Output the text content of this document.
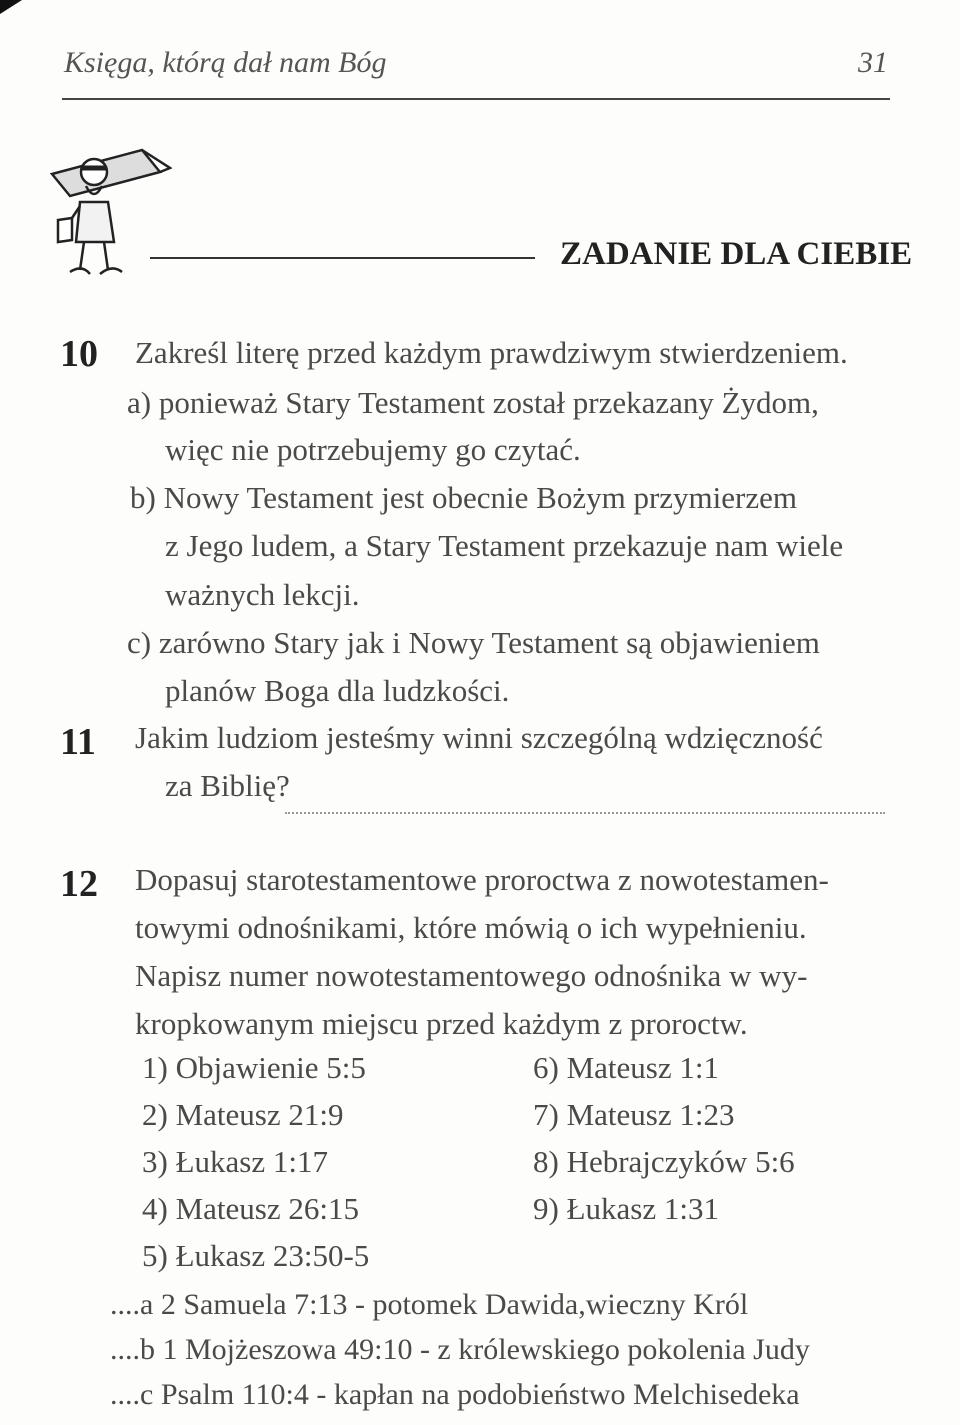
Księga, którą dał nam Bóg	31
ZADANIE DLA CIEBIE
10 Zakreśl literę przed każdym prawdziwym stwierdzeniem.
a) ponieważ Stary Testament został przekazany Żydom,
więc nie potrzebujemy go czytać.
b) Nowy Testament jest obecnie Bożym przymierzem
z Jego ludem, a Stary Testament przekazuje nam wiele
ważnych lekcji.
c) zarówno Stary jak i Nowy Testament są objawieniem
planów Boga dla ludzkości.
11 Jakim ludziom jesteśmy winni szczególną wdzięczność
za Biblię?
12 Dopasuj starotestamentowe proroctwa z nowotestamen-
towymi odnośnikami, które mówią o ich wypełnieniu.
Napisz numer nowotestamentowego odnośnika w wy-
kropkowanym miejscu przed każdym z proroctw.
1) Objawienie 5:5
2) Mateusz 21:9
3) Łukasz 1:17
4) Mateusz 26:15
5) Łukasz 23:50-5
6) Mateusz 1:1
7) Mateusz 1:23
8) Hebrajczyków 5:6
9) Łukasz 1:31
....a 2 Samuela 7:13 - potomek Dawida,wieczny Król
....b 1 Mojżeszowa 49:10 - z królewskiego pokolenia Judy
....c Psalm 110:4 - kapłan na podobieństwo Melchisedeka
